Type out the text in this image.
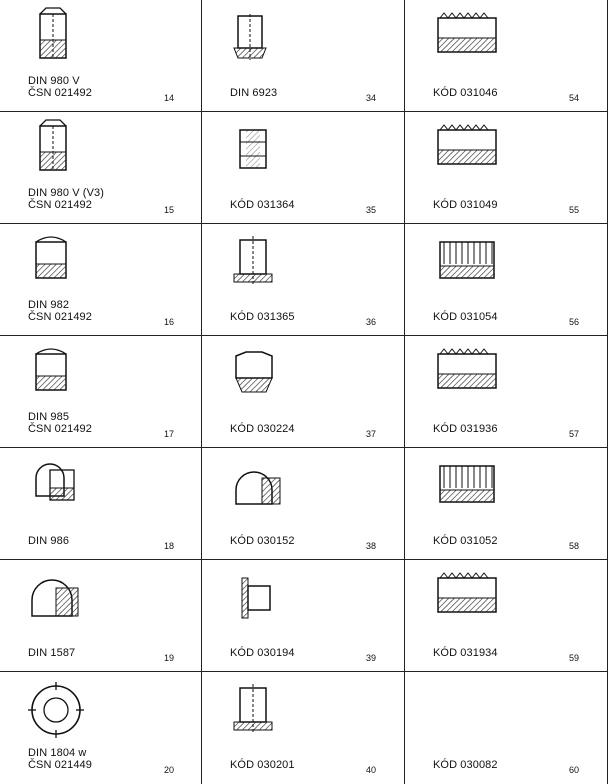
DIN 980 V
ČSN 021492	14	DIN 6923	34	KÓD 031046	54
DIN 980 V (V3)
ČSN 021492	15	KÓD 031364	35	KÓD 031049	55
DIN 982
ČSN 021492	16	KÓD 031365	36	KÓD 031054	56
DIN 985
ČSN 021492	17	KÓD 030224	37	KÓD 031936	57
DIN 986	18	KÓD 030152	38	KÓD 031052	58
DIN 1587	19	KÓD 030194	39	KÓD 031934	59
DIN 1804 w
ČSN 021449	20	KÓD 030201	40	KÓD 030082	60
